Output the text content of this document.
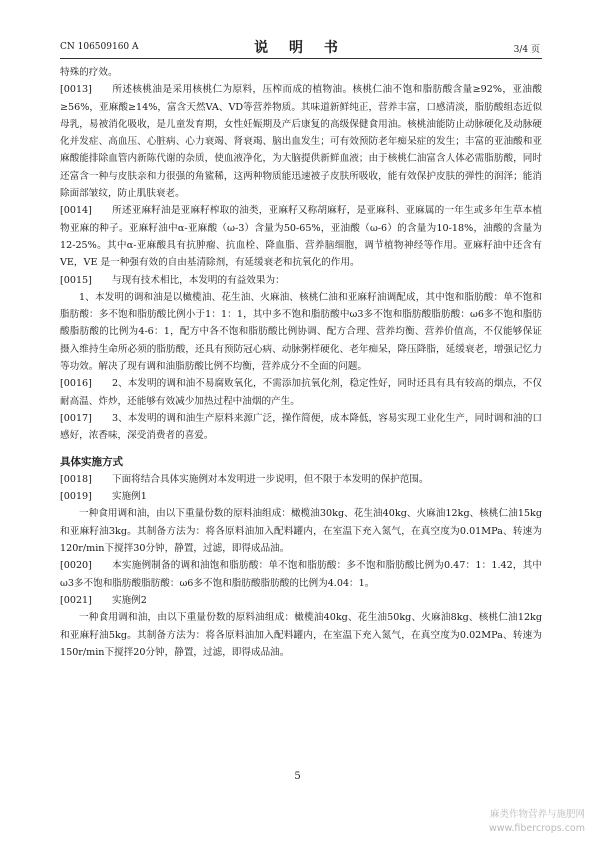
CN 106509160 A	说 明 书	3/4 页

特殊的疗效。

[0013] 所述核桃油是采用核桃仁为原料，压榨而成的植物油。核桃仁油不饱和脂肪酸含量≥92%，亚油酸≥56%，亚麻酸≥14%，富含天然VA、VD等营养物质。其味道新鲜纯正，营养丰富，口感清淡，脂肪酸组态近似母乳，易被消化吸收，是儿童发育期，女性妊娠期及产后康复的高级保健食用油。核桃油能防止动脉硬化及动脉硬化并发症、高血压、心脏病、心力衰竭、肾衰竭、脑出血发生；可有效预防老年痴呆症的发生；丰富的亚油酸和亚麻酸能排除血管内新陈代谢的杂质，使血液净化，为大脑提供新鲜血液；由于核桃仁油富含人体必需脂肪酸，同时还富含一种与皮肤亲和力很强的角鲨稀，这两种物质能迅速被子皮肤所吸收，能有效保护皮肤的弹性的润泽；能消除面部皱纹，防止肌肤衰老。

[0014] 所述亚麻籽油是亚麻籽榨取的油类，亚麻籽又称胡麻籽，是亚麻科、亚麻属的一年生或多年生草本植物亚麻的种子。亚麻籽油中α-亚麻酸（ω-3）含量为50-65%，亚油酸（ω-6）的含量为10-18%，油酸的含量为12-25%。其中α-亚麻酸具有抗肿瘤、抗血栓、降血脂、营养脑细胞，调节植物神经等作用。亚麻籽油中还含有VE，VE 是一种强有效的自由基清除剂，有延缓衰老和抗氧化的作用。

[0015] 与现有技术相比，本发明的有益效果为：

1、本发明的调和油是以橄榄油、花生油、火麻油、核桃仁油和亚麻籽油调配成，其中饱和脂肪酸：单不饱和脂肪酸：多不饱和脂肪酸比例小于1：1：1，其中多不饱和脂肪酸中ω3多不饱和脂肪酸脂肪酸：ω6多不饱和脂肪酸脂肪酸的比例为4-6：1，配方中各不饱和脂肪酸比例协调、配方合理、营养均衡、营养价值高，不仅能够保证摄入维持生命所必须的脂肪酸，还具有预防冠心病、动脉粥样硬化、老年痴呆，降压降脂，延缓衰老，增强记忆力等功效。解决了现有调和油脂肪酸比例不均衡，营养成分不全面的问题。

[0016] 2、本发明的调和油不易腐败氧化，不需添加抗氧化剂，稳定性好，同时还具有具有较高的烟点，不仅耐高温、炸炒，还能够有效减少加热过程中油烟的产生。

[0017] 3、本发明的调和油生产原料来源广泛，操作简便，成本降低，容易实现工业化生产，同时调和油的口感好，浓香味，深受消费者的喜爱。

具体实施方式

[0018] 下面将结合具体实施例对本发明进一步说明，但不限于本发明的保护范围。

[0019] 实施例1

一种食用调和油，由以下重量份数的原料油组成：橄榄油30kg、花生油40kg、火麻油12kg、核桃仁油15kg和亚麻籽油3kg。其制备方法为：将各原料油加入配料罐内，在室温下充入氮气，在真空度为0.01MPa、转速为120r/min下搅拌30分钟，静置，过滤，即得成品油。

[0020] 本实施例制备的调和油饱和脂肪酸：单不饱和脂肪酸：多不饱和脂肪酸比例为0.47：1：1.42，其中ω3多不饱和脂肪酸脂肪酸：ω6多不饱和脂肪酸脂肪酸的比例为4.04：1。

[0021] 实施例2

一种食用调和油，由以下重量份数的原料油组成：橄榄油40kg、花生油50kg、火麻油8kg、核桃仁油12kg和亚麻籽油5kg。其制备方法为：将各原料油加入配料罐内，在室温下充入氮气，在真空度为0.02MPa、转速为150r/min下搅拌20分钟，静置，过滤，即得成品油。

5
麻类作物营养与施肥网
www.fibercrops.com
